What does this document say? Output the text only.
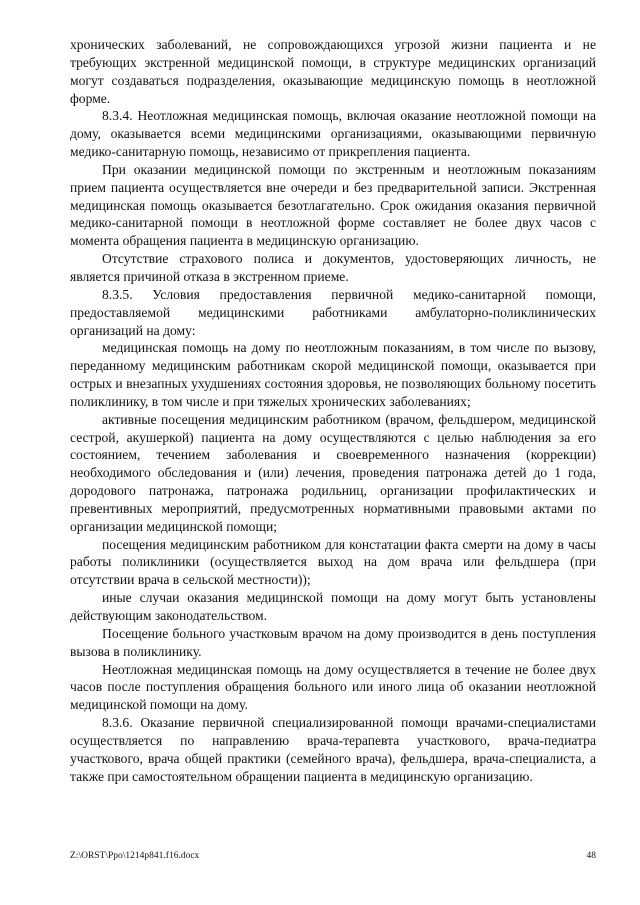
хронических заболеваний, не сопровождающихся угрозой жизни пациента и не требующих экстренной медицинской помощи, в структуре медицинских организаций могут создаваться подразделения, оказывающие медицинскую помощь в неотложной форме.

8.3.4. Неотложная медицинская помощь, включая оказание неотложной помощи на дому, оказывается всеми медицинскими организациями, оказывающими первичную медико-санитарную помощь, независимо от прикрепления пациента.

При оказании медицинской помощи по экстренным и неотложным показаниям прием пациента осуществляется вне очереди и без предварительной записи. Экстренная медицинская помощь оказывается безотлагательно. Срок ожидания оказания первичной медико-санитарной помощи в неотложной форме составляет не более двух часов с момента обращения пациента в медицинскую организацию.

Отсутствие страхового полиса и документов, удостоверяющих личность, не является причиной отказа в экстренном приеме.

8.3.5. Условия предоставления первичной медико-санитарной помощи, предоставляемой медицинскими работниками амбулаторно-поликлинических организаций на дому:

медицинская помощь на дому по неотложным показаниям, в том числе по вызову, переданному медицинским работникам скорой медицинской помощи, оказывается при острых и внезапных ухудшениях состояния здоровья, не позволяющих больному посетить поликлинику, в том числе и при тяжелых хронических заболеваниях;

активные посещения медицинским работником (врачом, фельдшером, медицинской сестрой, акушеркой) пациента на дому осуществляются с целью наблюдения за его состоянием, течением заболевания и своевременного назначения (коррекции) необходимого обследования и (или) лечения, проведения патронажа детей до 1 года, дородового патронажа, патронажа родильниц, организации профилактических и превентивных мероприятий, предусмотренных нормативными правовыми актами по организации медицинской помощи;

посещения медицинским работником для констатации факта смерти на дому в часы работы поликлиники (осуществляется выход на дом врача или фельдшера (при отсутствии врача в сельской местности));

иные случаи оказания медицинской помощи на дому могут быть установлены действующим законодательством.

Посещение больного участковым врачом на дому производится в день поступления вызова в поликлинику.

Неотложная медицинская помощь на дому осуществляется в течение не более двух часов после поступления обращения больного или иного лица об оказании неотложной медицинской помощи на дому.

8.3.6. Оказание первичной специализированной помощи врачами-специалистами осуществляется по направлению врача-терапевта участкового, врача-педиатра участкового, врача общей практики (семейного врача), фельдшера, врача-специалиста, а также при самостоятельном обращении пациента в медицинскую организацию.

Z:\ORST\Ppo\1214p841.f16.docx	48
